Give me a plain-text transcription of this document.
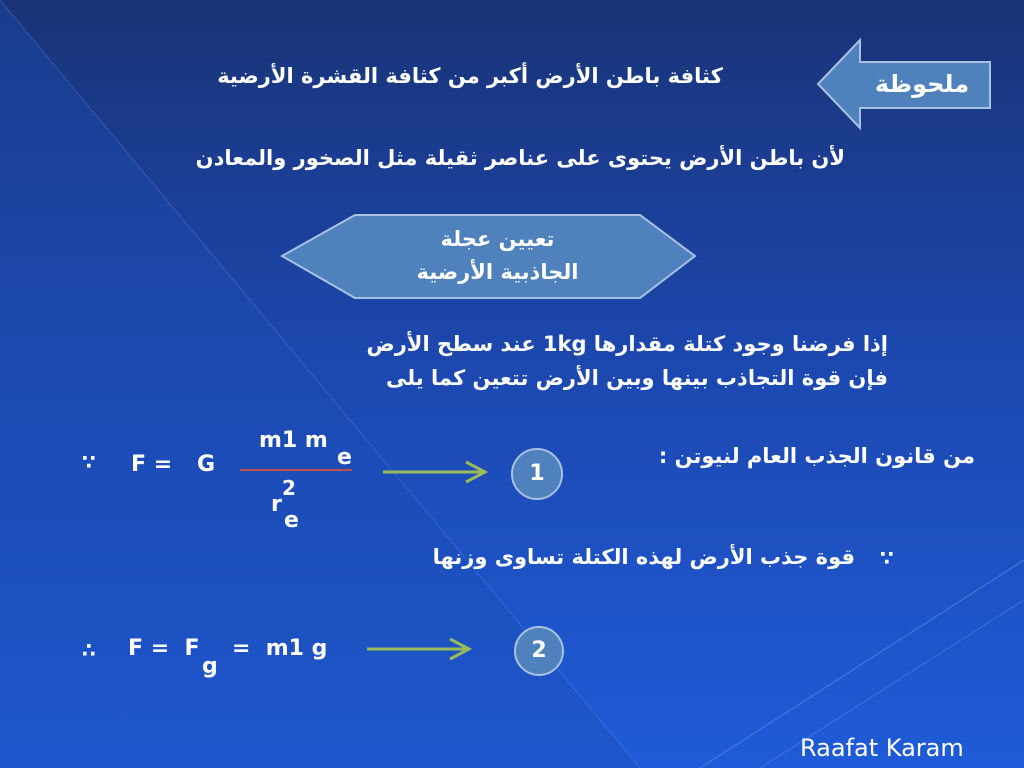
ملحوظة
كثافة باطن الأرض أكبر من كثافة القشرة الأرضية
لأن باطن الأرض يحتوى على عناصر ثقيلة مثل الصخور والمعادن
تعيين عجلة
الجاذبية الأرضية
إذا فرضنا وجود كتلة مقدارها 1kg عند سطح الأرض
فإن قوة التجاذب بينها وبين الأرض تتعين كما يلى
من قانون الجذب العام لنيوتن :
∵ F = G
m1 m
e
r
2
e
1
قوة جذب الأرض لهذه الكتلة تساوى وزنها ∵
∴ F =  F
g
=  m1 g	2
Raafat Karam
